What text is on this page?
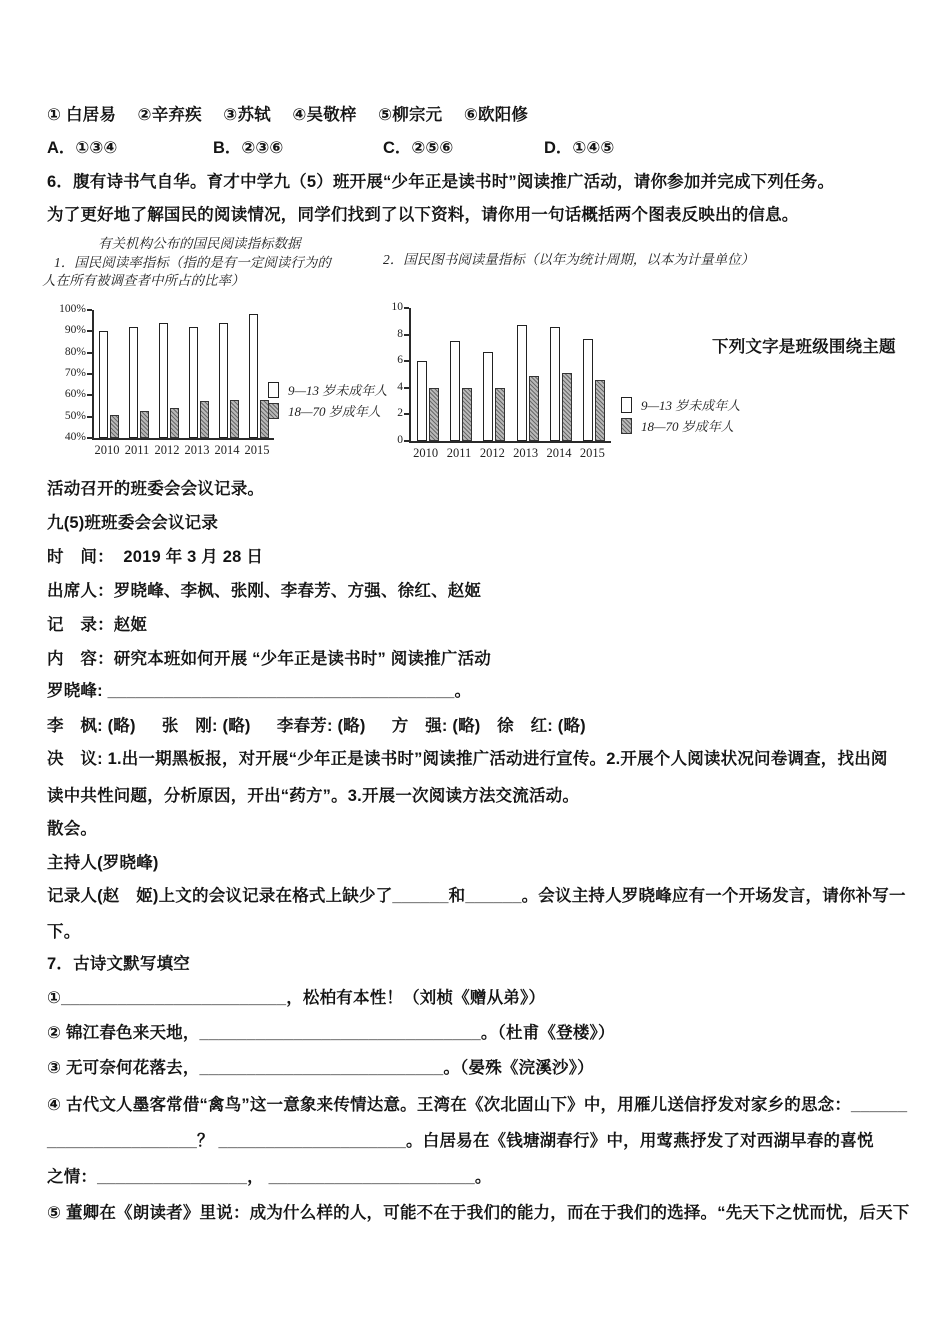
① 白居易　 ②辛弃疾　 ③苏轼　 ④吴敬梓　 ⑤柳宗元　 ⑥欧阳修
A．①③④	B．②③⑥	C．②⑤⑥	D．①④⑤
6．腹有诗书气自华。育才中学九（5）班开展“少年正是读书时”阅读推广活动，请你参加并完成下列任务。
为了更好地了解国民的阅读情况，同学们找到了以下资料，请你用一句话概括两个图表反映出的信息。
有关机构公布的国民阅读指标数据
1．国民阅读率指标（指的是有一定阅读行为的
人在所有被调查者中所占的比率）
100%
90%
80%
70%
60%
50%
40%
2010 2011 2012 2013 2014 2015
9—13 岁未成年人
18—70 岁成年人
2．国民图书阅读量指标（以年为统计周期，以本为计量单位）
10
8
6
4
2
0
2010 2011 2012 2013 2014 2015
9—13 岁未成年人
18—70 岁成年人
下列文字是班级围绕主题
活动召开的班委会会议记录。
九(5)班班委会会议记录
时　间：  2019 年 3 月 28 日
出席人：罗晓峰、李枫、张刚、李春芳、方强、徐红、赵姬
记　录：赵姬
内　容：研究本班如何开展 “少年正是读书时” 阅读推广活动
罗晓峰: _____________________________________。
李　枫: (略)　  张　刚: (略)　  李春芳: (略)　  方　强: (略)　徐　红: (略)
决　议: 1.出一期黑板报，对开展“少年正是读书时”阅读推广活动进行宣传。2.开展个人阅读状况问卷调查，找出阅
读中共性问题，分析原因，开出“药方”。3.开展一次阅读方法交流活动。
散会。
主持人(罗晓峰)
记录人(赵　姬)上文的会议记录在格式上缺少了______和______。会议主持人罗晓峰应有一个开场发言，请你补写一
下。
7．古诗文默写填空
①________________________，松柏有本性！（刘桢《赠从弟》）
② 锦江春色来天地，______________________________。（杜甫《登楼》）
③ 无可奈何花落去，__________________________。（晏殊《浣溪沙》）
④ 古代文人墨客常借“禽鸟”这一意象来传情达意。王湾在《次北固山下》中，用雁儿送信抒发对家乡的思念：______
________________？ ____________________。白居易在《钱塘湖春行》中，用莺燕抒发了对西湖早春的喜悦
之情：________________， ______________________。
⑤ 董卿在《朗读者》里说：成为什么样的人，可能不在于我们的能力，而在于我们的选择。“先天下之忧而忧，后天下
